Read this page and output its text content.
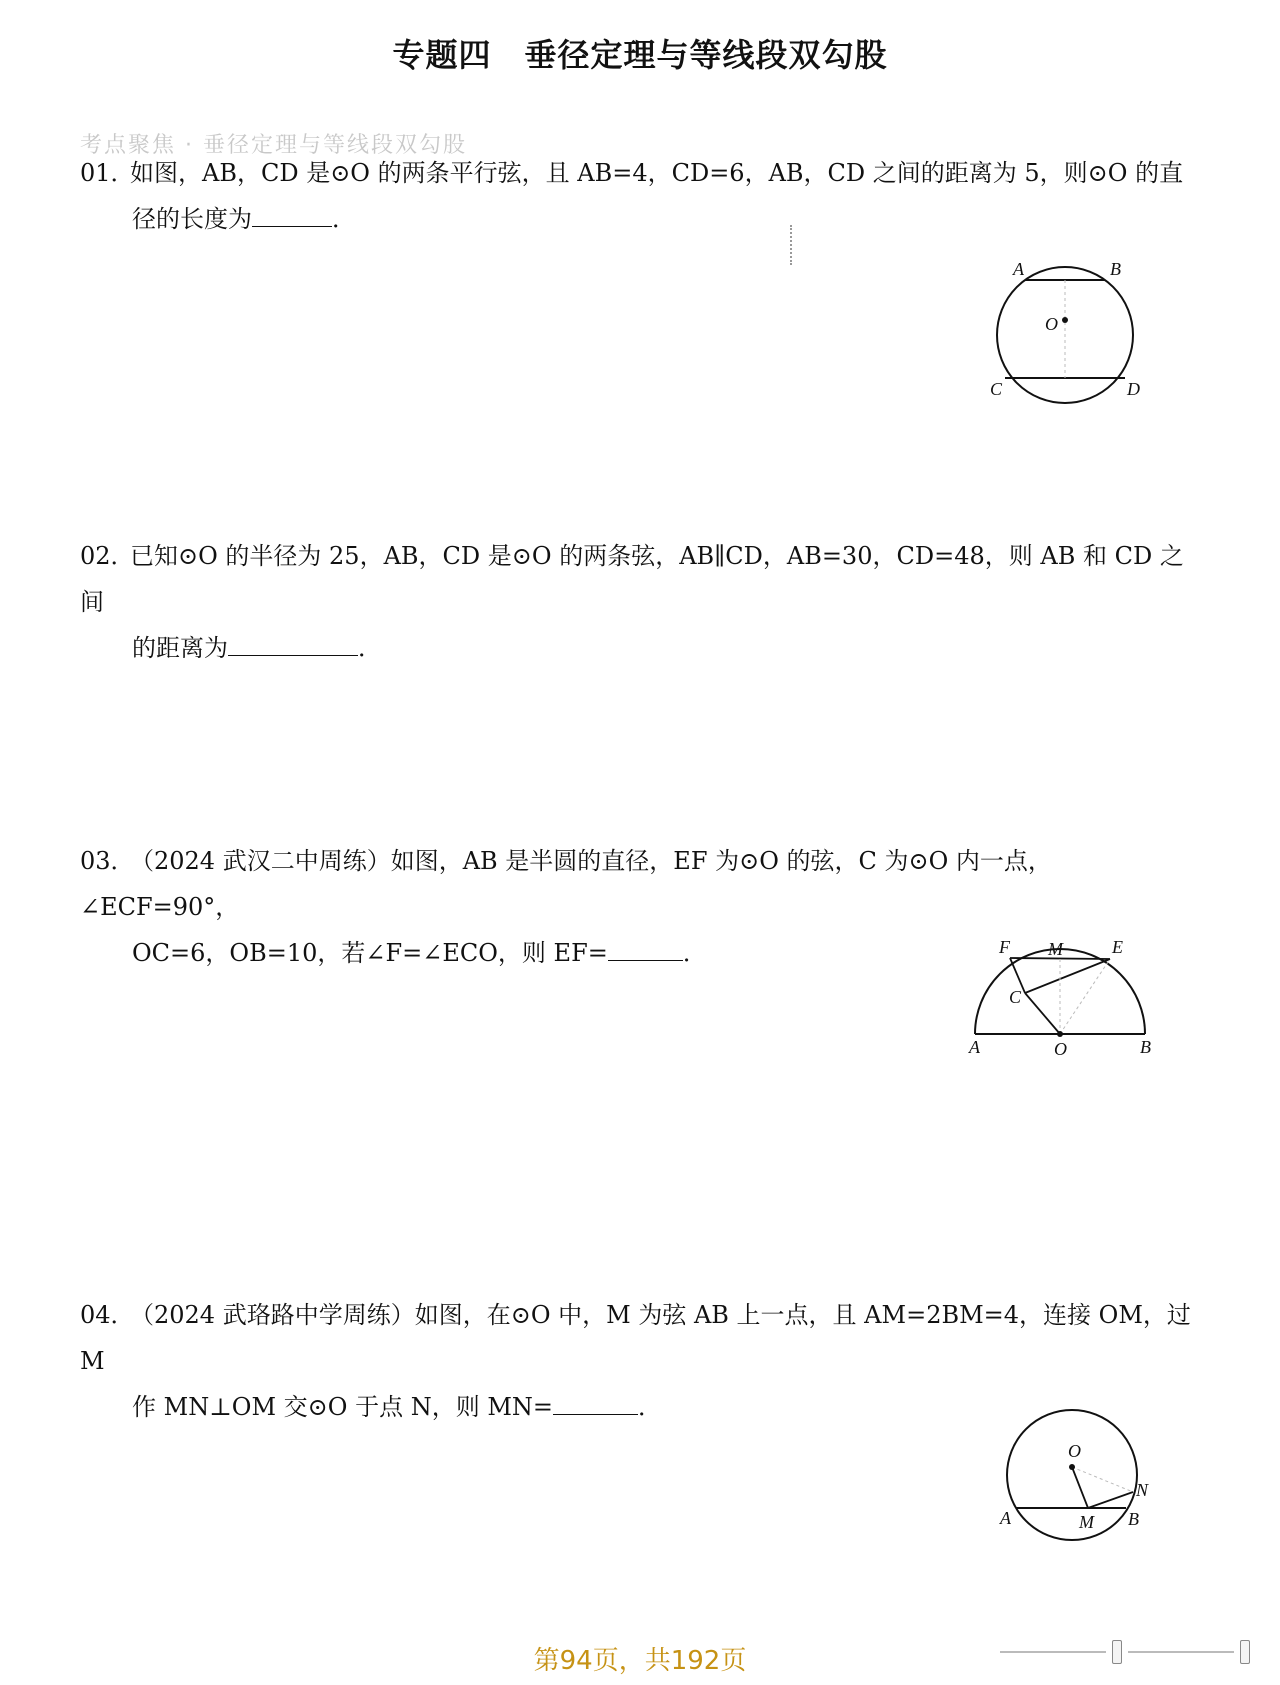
专题四　垂径定理与等线段双勾股
考点聚焦 · 垂径定理与等线段双勾股
01．如图，AB，CD 是⊙O 的两条平行弦，且 AB=4，CD=6，AB，CD 之间的距离为 5，则⊙O 的直
径的长度为	．
A	B
O
C	D
02．已知⊙O 的半径为 25，AB，CD 是⊙O 的两条弦，AB∥CD，AB=30，CD=48，则 AB 和 CD 之间
的距离为	．
03．（2024 武汉二中周练）如图，AB 是半圆的直径，EF 为⊙O 的弦，C 为⊙O 内一点，∠ECF=90°，
OC=6，OB=10，若∠F=∠ECO，则 EF=	．	F M	E
C
A	O	B
04．（2024 武珞路中学周练）如图，在⊙O 中，M 为弦 AB 上一点，且 AM=2BM=4，连接 OM，过 M
作 MN⊥OM 交⊙O 于点 N，则 MN=	．
O
N
A	M B
第94页，共192页
